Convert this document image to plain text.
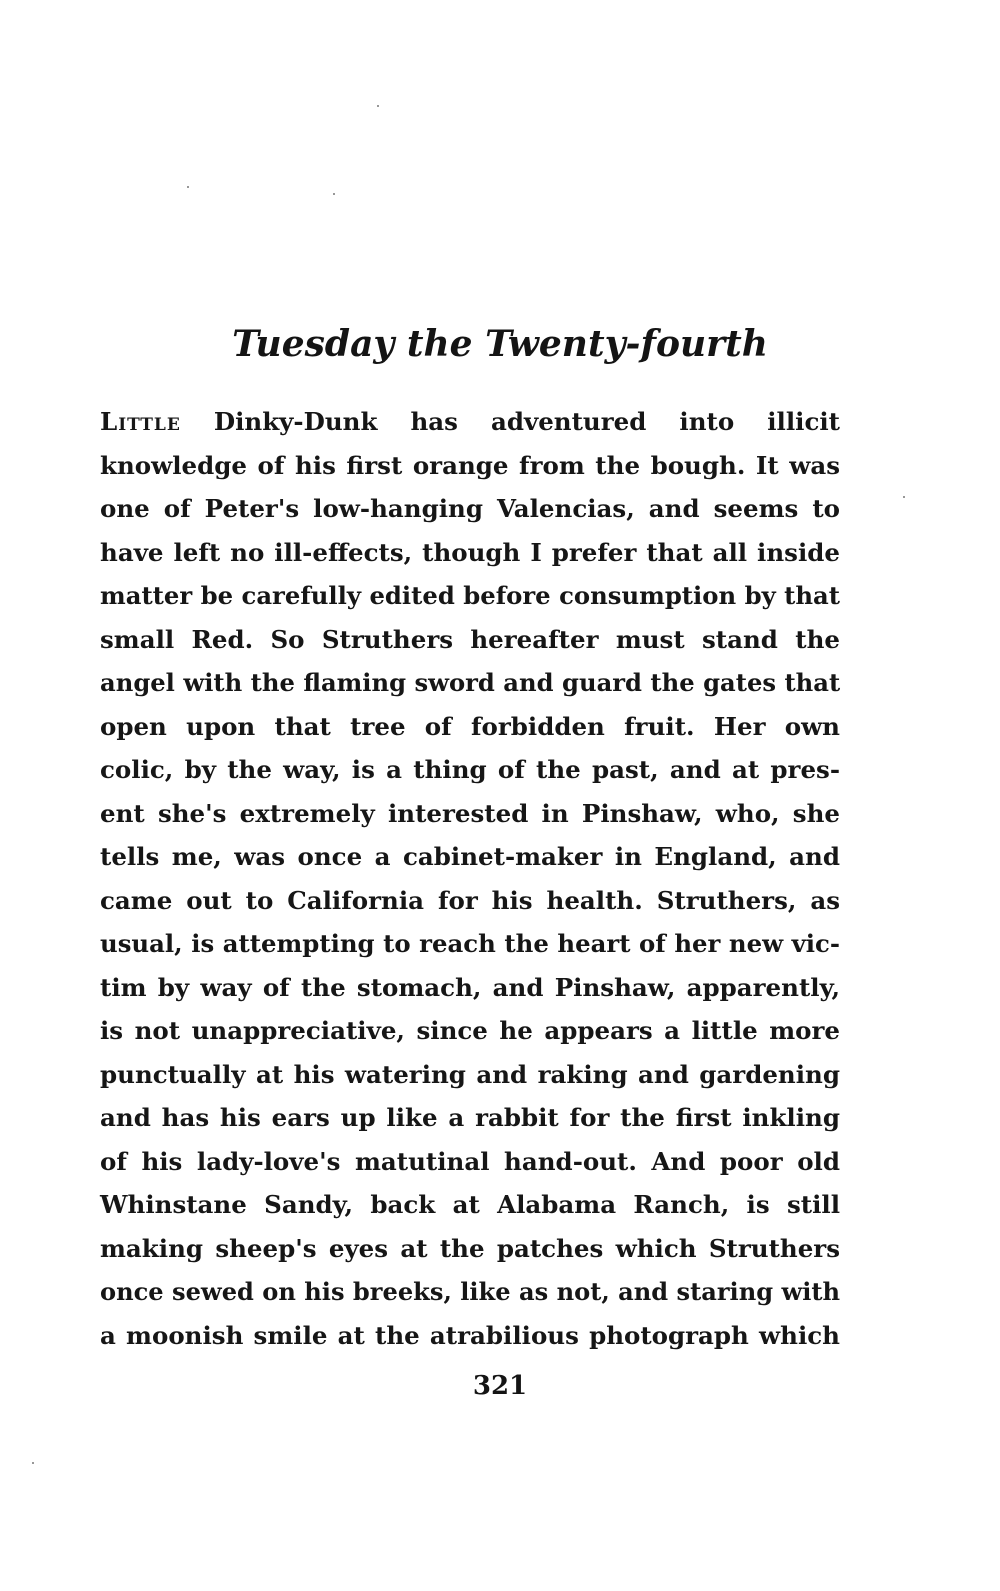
Tuesday the Twenty-fourth
Little Dinky-Dunk has adventured into illicit
knowledge of his first orange from the bough. It was
one of Peter's low-hanging Valencias, and seems to
have left no ill-effects, though I prefer that all inside
matter be carefully edited before consumption by that
small Red. So Struthers hereafter must stand the
angel with the flaming sword and guard the gates that
open upon that tree of forbidden fruit. Her own
colic, by the way, is a thing of the past, and at pres-
ent she's extremely interested in Pinshaw, who, she
tells me, was once a cabinet-maker in England, and
came out to California for his health. Struthers, as
usual, is attempting to reach the heart of her new vic-
tim by way of the stomach, and Pinshaw, apparently,
is not unappreciative, since he appears a little more
punctually at his watering and raking and gardening
and has his ears up like a rabbit for the first inkling
of his lady-love's matutinal hand-out. And poor old
Whinstane Sandy, back at Alabama Ranch, is still
making sheep's eyes at the patches which Struthers
once sewed on his breeks, like as not, and staring with
a moonish smile at the atrabilious photograph which
321
